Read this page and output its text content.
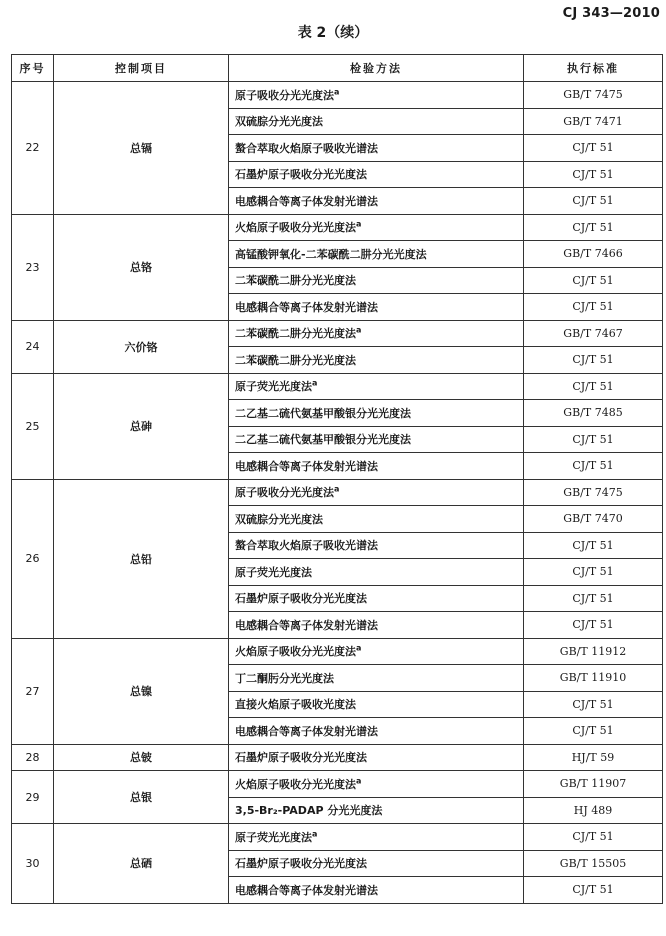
CJ 343—2010
表 2（续）
序号	控制项目	检验方法	执行标准
22	总镉	原子吸收分光光度法$^a$	GB/T 7475
		双硫腙分光光度法	GB/T 7471
		螯合萃取火焰原子吸收光谱法	CJ/T 51
		石墨炉原子吸收分光光度法	CJ/T 51
		电感耦合等离子体发射光谱法	CJ/T 51
23	总铬	火焰原子吸收分光光度法$^a$	CJ/T 51
		高锰酸钾氧化-二苯碳酰二肼分光光度法	GB/T 7466
		二苯碳酰二肼分光光度法	CJ/T 51
		电感耦合等离子体发射光谱法	CJ/T 51
24	六价铬	二苯碳酰二肼分光光度法$^a$	GB/T 7467
		二苯碳酰二肼分光光度法	CJ/T 51
25	总砷	原子荧光光度法$^a$	CJ/T 51
		二乙基二硫代氨基甲酸银分光光度法	GB/T 7485
		二乙基二硫代氨基甲酸银分光光度法	CJ/T 51
		电感耦合等离子体发射光谱法	CJ/T 51
26	总铅	原子吸收分光光度法$^a$	GB/T 7475
		双硫腙分光光度法	GB/T 7470
		螯合萃取火焰原子吸收光谱法	CJ/T 51
		原子荧光光度法	CJ/T 51
		石墨炉原子吸收分光光度法	CJ/T 51
		电感耦合等离子体发射光谱法	CJ/T 51
27	总镍	火焰原子吸收分光光度法$^a$	GB/T 11912
		丁二酮肟分光光度法	GB/T 11910
		直接火焰原子吸收光度法	CJ/T 51
		电感耦合等离子体发射光谱法	CJ/T 51
28	总铍	石墨炉原子吸收分光光度法	HJ/T 59
29	总银	火焰原子吸收分光光度法$^a$	GB/T 11907
		3,5-Br₂-PADAP 分光光度法	HJ 489
30	总硒	原子荧光光度法$^a$	CJ/T 51
		石墨炉原子吸收分光光度法	GB/T 15505
		电感耦合等离子体发射光谱法	CJ/T 51
